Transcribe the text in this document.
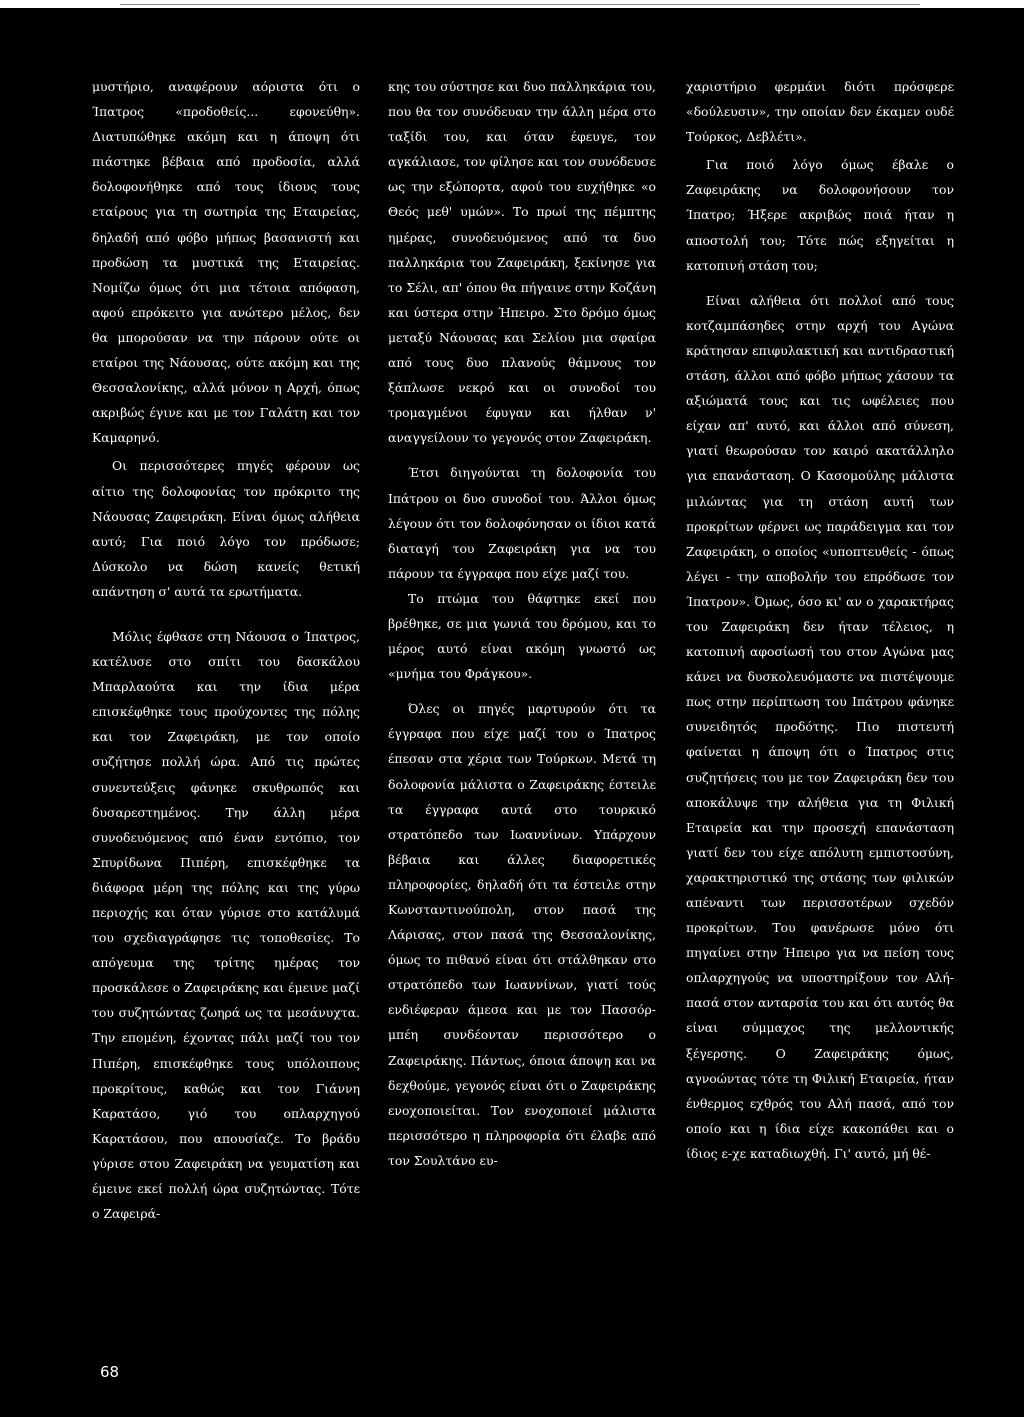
μυστήριο, αναφέρουν αόριστα ότι ο Ίπατρος «προδοθείς... εφονεύθη». Διατυπώθηκε ακόμη και η άποψη ότι πιάστηκε βέβαια από προδοσία, αλλά δολοφονήθηκε από τους ίδιους τους εταίρους για τη σωτηρία της Εταιρείας, δηλαδή από φόβο μήπως βασανιστή και προδώση τα μυστικά της Εταιρείας. Νομίζω όμως ότι μια τέτοια απόφαση, αφού επρόκειτο για ανώτερο μέλος, δεν θα μπορούσαν να την πάρουν ούτε οι εταίροι της Νάουσας, ούτε ακόμη και της Θεσσαλονίκης, αλλά μόνον η Αρχή, όπως ακριβώς έγινε και με τον Γαλάτη και τον Καμαρηνό.

Οι περισσότερες πηγές φέρουν ως αίτιο της δολοφονίας τον πρόκριτο της Νάουσας Ζαφειράκη. Είναι όμως αλήθεια αυτό; Για ποιό λόγο τον πρόδωσε; Δύσκολο να δώση κανείς θετική απάντηση σ' αυτά τα ερωτήματα.

Μόλις έφθασε στη Νάουσα ο Ίπατρος, κατέλυσε στο σπίτι του δασκάλου Μπαρλαούτα και την ίδια μέρα επισκέφθηκε τους πρoύχοντες της πόλης και τον Ζαφειράκη, με τον οποίο συζήτησε πολλή ώρα. Από τις πρώτες συνεντεύξεις φάνηκε σκυθρωπός και δυσαρεστημένος. Την άλλη μέρα συνοδευόμενος από έναν εντόπιο, τον Σπυρίδωνα Πιπέρη, επισκέφθηκε τα διάφορα μέρη της πόλης και της γύρω περιοχής και όταν γύρισε στο κατάλυμά του σχεδιαγράφησε τις τοποθεσίες. Το απόγευμα της τρίτης ημέρας τον προσκάλεσε ο Ζαφειράκης και έμεινε μαζί του συζητώντας ζωηρά ως τα μεσάνυχτα. Την επομένη, έχοντας πάλι μαζί του τον Πιπέρη, επισκέφθηκε τους υπόλοιπους προκρίτους, καθώς και τον Γιάννη Καρατάσο, γιό του οπλαρχηγού Καρατάσου, που απουσίαζε. Το βράδυ γύρισε στου Ζαφειράκη να γευματίση και έμεινε εκεί πολλή ώρα συζητώντας. Τότε ο Ζαφειρά-

κης του σύστησε και δυο παλληκάρια του, που θα τον συνόδευαν την άλλη μέρα στο ταξίδι του, και όταν έφευγε, τον αγκάλιασε, τον φίλησε και τον συνόδευσε ως την εξώπορτα, αφού του ευχήθηκε «ο Θεός μεθ' υμών». Το πρωί της πέμπτης ημέρας, συνοδευόμενος από τα δυο παλληκάρια του Ζαφειράκη, ξεκίνησε για το Σέλι, απ' όπου θα πήγαινε στην Κοζάνη και ύστερα στην Ήπειρο. Στο δρόμο όμως μεταξύ Νάουσας και Σελίου μια σφαίρα από τους δυο πλανούς θάμνους τον ξάπλωσε νεκρό και οι συνοδοί του τρομαγμένοι έφυγαν και ήλθαν ν' αναγγείλουν το γεγονός στον Ζαφειράκη.

Έτσι διηγούνται τη δολοφονία του Ιπάτρου οι δυο συνοδοί του. Άλλοι όμως λέγουν ότι τον δολοφόνησαν οι ίδιοι κατά διαταγή του Ζαφειράκη για να του πάρουν τα έγγραφα που είχε μαζί του.

Το πτώμα του θάφτηκε εκεί που βρέθηκε, σε μια γωνιά του δρόμου, και το μέρος αυτό είναι ακόμη γνωστό ως «μνήμα του Φράγκου».

Όλες οι πηγές μαρτυρούν ότι τα έγγραφα που είχε μαζί του ο Ίπατρος έπεσαν στα χέρια των Τούρκων. Μετά τη δολοφονία μάλιστα ο Ζαφειράκης έστειλε τα έγγραφα αυτά στο τουρκικό στρατόπεδο των Ιωαννίνων. Υπάρχουν βέβαια και άλλες διαφορετικές πληροφορίες, δηλαδή ότι τα έστειλε στην Κωνσταντινούπολη, στον πασά της Λάρισας, στον πασά της Θεσσαλονίκης, όμως το πιθανό είναι ότι στάλθηκαν στο στρατόπεδο των Ιωαννίνων, γιατί τούς ενδιέφεραν άμεσα και με τον Πασσόρ-μπέη συνδέονταν περισσότερο ο Ζαφειράκης. Πάντως, όποια άποψη και να δεχθούμε, γεγονός είναι ότι ο Ζαφειράκης ενοχοποιείται. Τον ενοχοποιεί μάλιστα περισσότερο η πληροφορία ότι έλαβε από τον Σουλτάνο ευ-

χαριστήριο φερμάνι διότι πρόσφερε «δούλευσιν», την οποίαν δεν έκαμεν ουδέ Τούρκος, Δεβλέτι».

Για ποιό λόγο όμως έβαλε ο Ζαφειράκης να δολοφονήσουν τον Ίπατρο; Ήξερε ακριβώς ποιά ήταν η αποστολή του; Τότε πώς εξηγείται η κατοπινή στάση του;

Είναι αλήθεια ότι πολλοί από τους κοτζαμπάσηδες στην αρχή του Αγώνα κράτησαν επιφυλακτική και αντιδραστική στάση, άλλοι από φόβο μήπως χάσουν τα αξιώματά τους και τις ωφέλειες που είχαν απ' αυτό, και άλλοι από σύνεση, γιατί θεωρούσαν τον καιρό ακατάλληλο για επανάσταση. Ο Κασομούλης μάλιστα μιλώντας για τη στάση αυτή των προκρίτων φέρνει ως παράδειγμα και τον Ζαφειράκη, ο οποίος «υποπτευθείς - όπως λέγει - την αποβολήν του επρόδωσε τον Ίπατρον». Όμως, όσο κι' αν ο χαρακτήρας του Ζαφειράκη δεν ήταν τέλειος, η κατοπινή αφοσίωσή του στον Αγώνα μας κάνει να δυσκολευόμαστε να πιστέψουμε πως στην περίπτωση του Ιπάτρου φάνηκε συνειδητός προδότης. Πιο πιστευτή φαίνεται η άποψη ότι ο Ίπατρος στις συζητήσεις του με τον Ζαφειράκη δεν του αποκάλυψε την αλήθεια για τη Φιλική Εταιρεία και την προσεχή επανάσταση γιατί δεν του είχε απόλυτη εμπιστοσύνη, χαρακτηριστικό της στάσης των φιλικών απέναντι των περισσοτέρων σχεδόν προκρίτων. Του φανέρωσε μόνο ότι πηγαίνει στην Ήπειρο για να πείση τους οπλαρχηγούς να υποστηρίξουν τον Αλή-πασά στον ανταρσία του και ότι αυτός θα είναι σύμμαχος της μελλοντικής ξέγερσης. Ο Ζαφειράκης όμως, αγνοώντας τότε τη Φιλική Εταιρεία, ήταν ένθερμος εχθρός του Αλή πασά, από τον οποίο και η ίδια είχε κακοπάθει και ο ίδιος ε-χε καταδιωχθή. Γι' αυτό, μή θέ-

68
